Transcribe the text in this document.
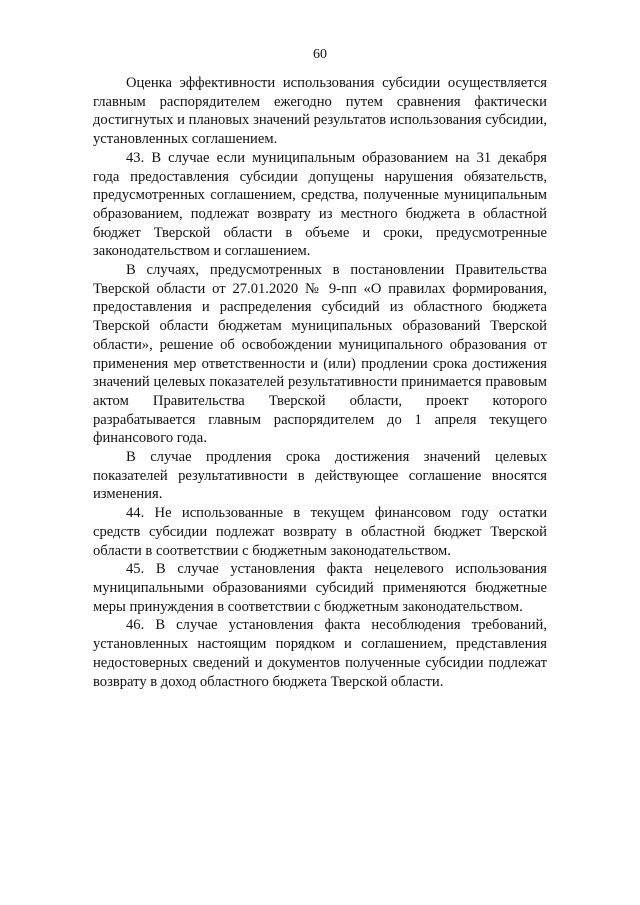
60

Оценка эффективности использования субсидии осуществляется главным распорядителем ежегодно путем сравнения фактически достигнутых и плановых значений результатов использования субсидии, установленных соглашением.

43. В случае если муниципальным образованием на 31 декабря года предоставления субсидии допущены нарушения обязательств, предусмотренных соглашением, средства, полученные муниципальным образованием, подлежат возврату из местного бюджета в областной бюджет Тверской области в объеме и сроки, предусмотренные законодательством и соглашением.

В случаях, предусмотренных в постановлении Правительства Тверской области от 27.01.2020 № 9-пп «О правилах формирования, предоставления и распределения субсидий из областного бюджета Тверской области бюджетам муниципальных образований Тверской области», решение об освобождении муниципального образования от применения мер ответственности и (или) продлении срока достижения значений целевых показателей результативности принимается правовым актом Правительства Тверской области, проект которого разрабатывается главным распорядителем до 1 апреля текущего финансового года.

В случае продления срока достижения значений целевых показателей результативности в действующее соглашение вносятся изменения.

44. Не использованные в текущем финансовом году остатки средств субсидии подлежат возврату в областной бюджет Тверской области в соответствии с бюджетным законодательством.

45. В случае установления факта нецелевого использования муниципальными образованиями субсидий применяются бюджетные меры принуждения в соответствии с бюджетным законодательством.

46. В случае установления факта несоблюдения требований, установленных настоящим порядком и соглашением, представления недостоверных сведений и документов полученные субсидии подлежат возврату в доход областного бюджета Тверской области.
